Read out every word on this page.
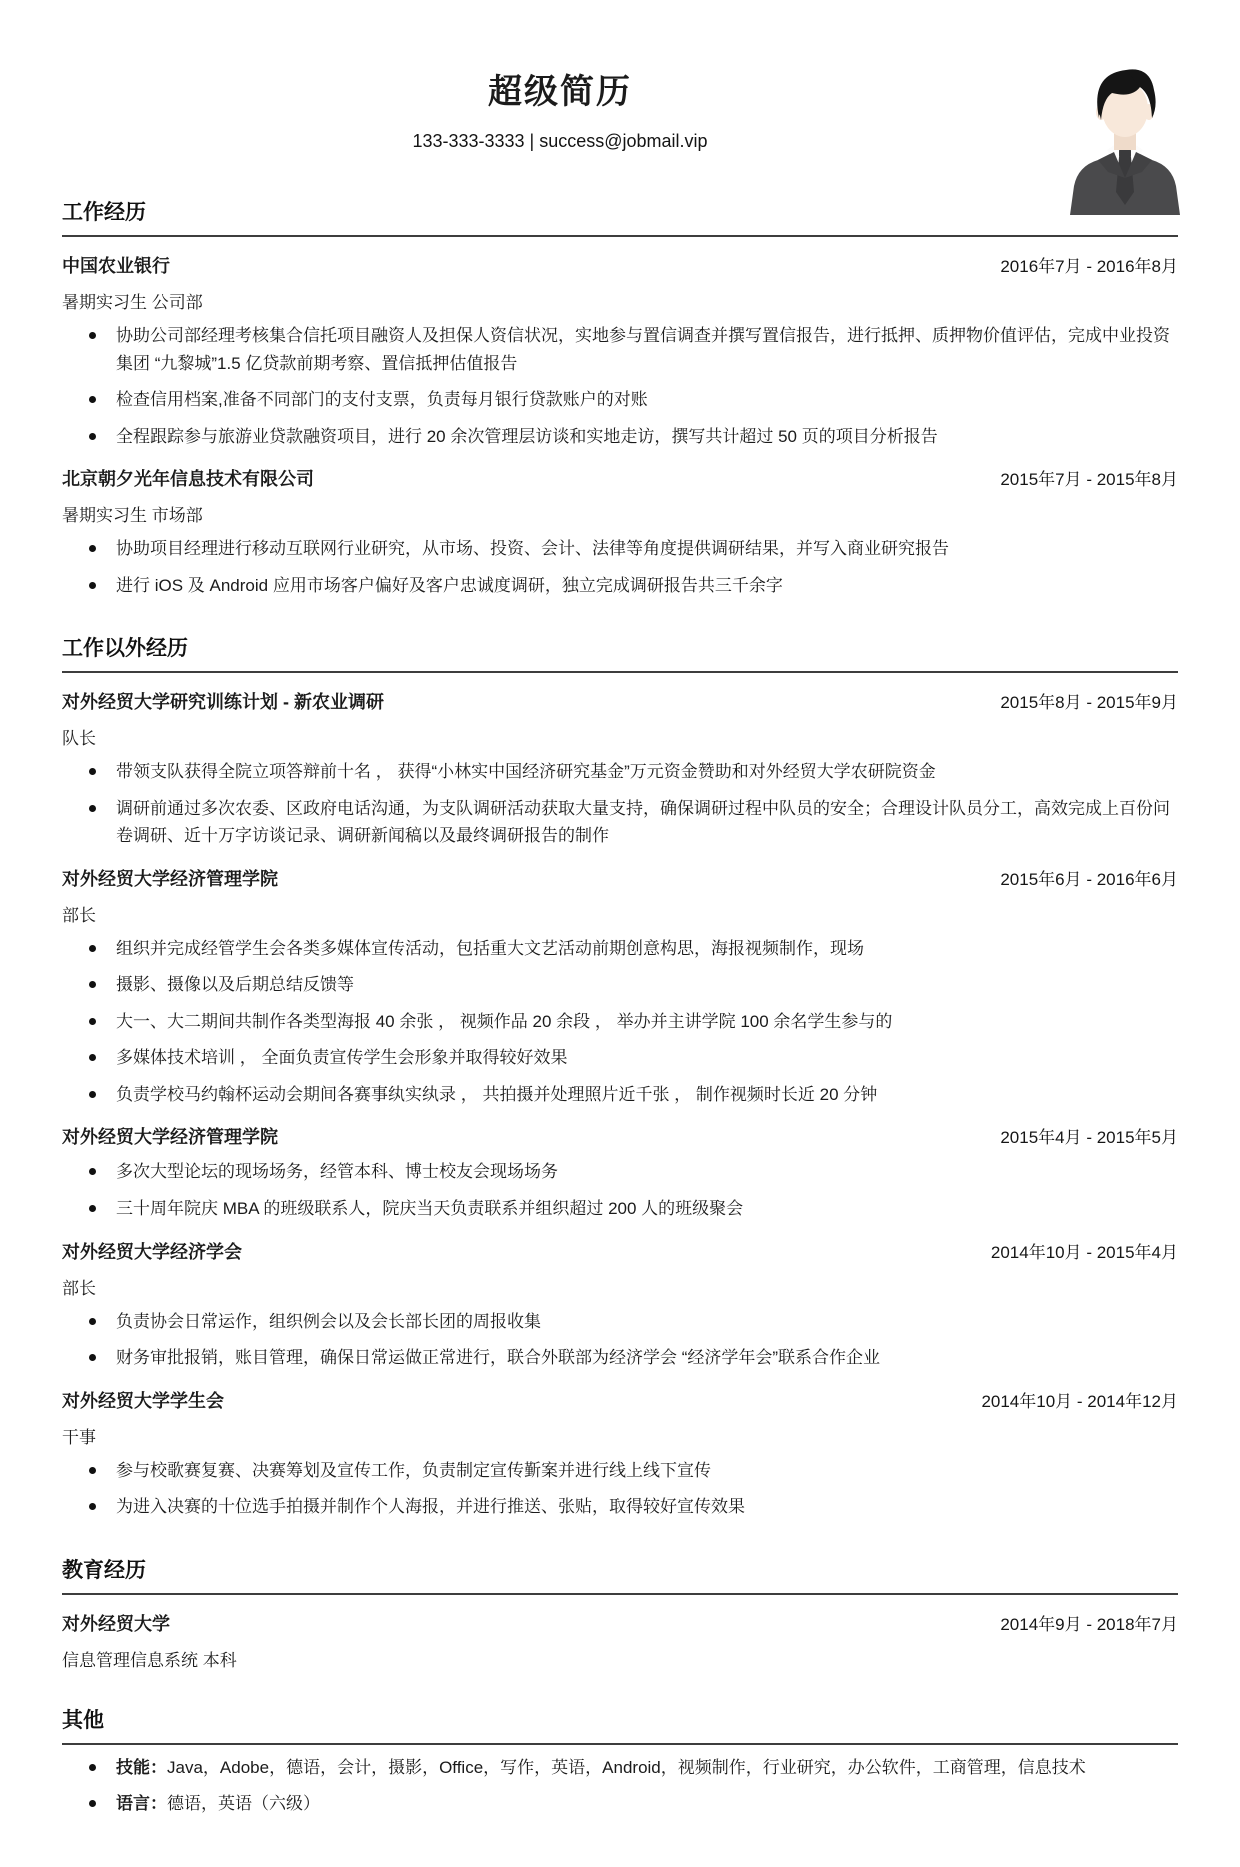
超级简历
133-333-3333 | success@jobmail.vip
工作经历
中国农业银行	2016年7月 - 2016年8月
暑期实习生 公司部
协助公司部经理考核集合信托项目融资人及担保人资信状况，实地参与置信调查并撰写置信报告，进行抵押、质押物价值评估，完成中业投资集团 “九黎城”1.5 亿贷款前期考察、置信抵押估值报告
检查信用档案,准备不同部门的支付支票，负责每月银行贷款账户的对账
全程跟踪参与旅游业贷款融资项目，进行 20 余次管理层访谈和实地走访，撰写共计超过 50 页的项目分析报告
北京朝夕光年信息技术有限公司	2015年7月 - 2015年8月
暑期实习生 市场部
协助项目经理进行移动互联网行业研究，从市场、投资、会计、法律等角度提供调研结果，并写入商业研究报告
进行 iOS 及 Android 应用市场客户偏好及客户忠诚度调研，独立完成调研报告共三千余字
工作以外经历
对外经贸大学研究训练计划 - 新农业调研	2015年8月 - 2015年9月
队长
带领支队获得全院立项答辩前十名 ， 获得“小林实中国经济研究基金”万元资金赞助和对外经贸大学农研院资金
调研前通过多次农委、区政府电话沟通，为支队调研活动获取大量支持，确保调研过程中队员的安全；合理设计队员分工，高效完成上百份问卷调研、近十万字访谈记录、调研新闻稿以及最终调研报告的制作
对外经贸大学经济管理学院	2015年6月 - 2016年6月
部长
组织并完成经管学生会各类多媒体宣传活动，包括重大文艺活动前期创意构思，海报视频制作，现场
摄影、摄像以及后期总结反馈等
大一、大二期间共制作各类型海报 40 余张 ， 视频作品 20 余段 ， 举办并主讲学院 100 余名学生参与的
多媒体技术培训 ， 全面负责宣传学生会形象并取得较好效果
负责学校马约翰杯运动会期间各赛事纨实纨录 ， 共拍摄并处理照片近千张 ， 制作视频时长近 20 分钟
对外经贸大学经济管理学院	2015年4月 - 2015年5月
多次大型论坛的现场场务，经管本科、博士校友会现场场务
三十周年院庆 MBA 的班级联系人，院庆当天负责联系并组织超过 200 人的班级聚会
对外经贸大学经济学会	2014年10月 - 2015年4月
部长
负责协会日常运作，组织例会以及会长部长团的周报收集
财务审批报销，账目管理，确保日常运做正常进行，联合外联部为经济学会 “经济学年会”联系合作企业
对外经贸大学学生会	2014年10月 - 2014年12月
干事
参与校歌赛复赛、决赛筹划及宣传工作，负责制定宣传斳案并进行线上线下宣传
为进入决赛的十位选手拍摄并制作个人海报，并进行推送、张贴，取得较好宣传效果
教育经历
对外经贸大学	2014年9月 - 2018年7月
信息管理信息系统 本科
其他
技能：Java，Adobe，德语，会计，摄影，Office，写作，英语，Android，视频制作，行业研究，办公软件，工商管理，信息技术
语言：德语，英语（六级）
